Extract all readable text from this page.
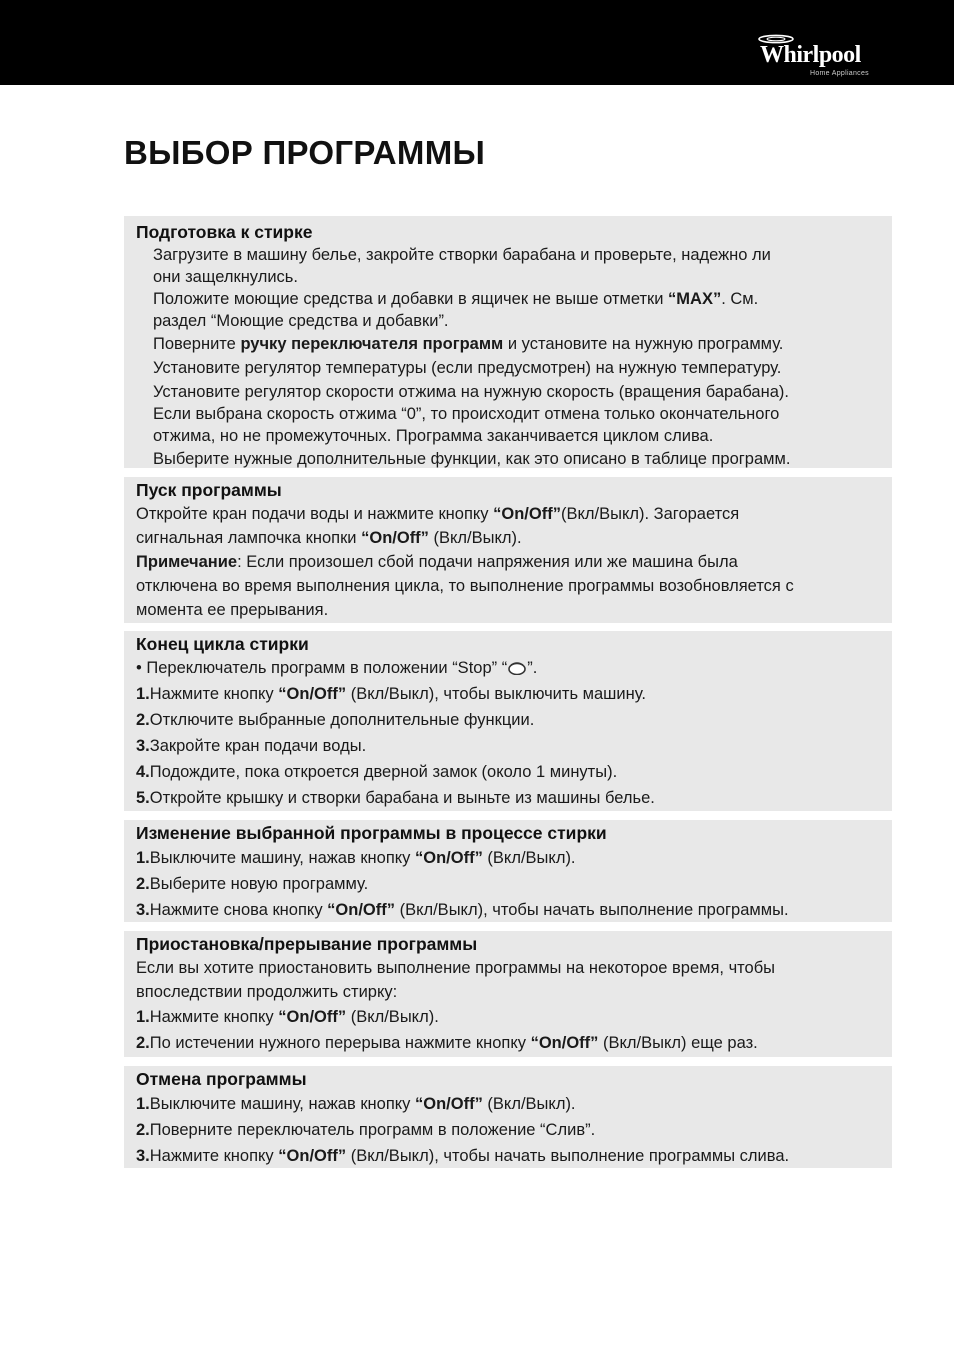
Whirlpool
Home Appliances
ВЫБОР ПРОГРАММЫ
Подготовка к стирке
Загрузите в машину белье, закройте створки барабана и проверьте, надежно ли
они защелкнулись.
Положите моющие средства и добавки в ящичек не выше отметки “MAX”. См.
раздел “Моющие средства и добавки”.
Поверните ручку переключателя программ и установите на нужную программу.
Установите регулятор температуры (если предусмотрен) на нужную температуру.
Установите регулятор скорости отжима на нужную скорость (вращения барабана).
Если выбрана скорость отжима “0”, то происходит отмена только окончательного
отжима, но не промежуточных. Программа заканчивается циклом слива.
Выберите нужные дополнительные функции, как это описано в таблице программ.
Пуск программы
Откройте кран подачи воды и нажмите кнопку “On/Off”(Вкл/Выкл). Загорается
сигнальная лампочка кнопки “On/Off” (Вкл/Выкл).
Примечание: Если произошел сбой подачи напряжения или же машина была
отключена во время выполнения цикла, то выполнение программы возобновляется с
момента ее прерывания.
Конец цикла стирки
• Переключатель программ в положении “Stop” “ ”.
1.Нажмите кнопку “On/Off” (Вкл/Выкл), чтобы выключить машину.
2.Отключите выбранные дополнительные функции.
3.Закройте кран подачи воды.
4.Подождите, пока откроется дверной замок (около 1 минуты).
5.Откройте крышку и створки барабана и выньте из машины белье.
Изменение выбранной программы в процессе стирки
1.Выключите машину, нажав кнопку “On/Off” (Вкл/Выкл).
2.Выберите новую программу.
3.Нажмите снова кнопку “On/Off” (Вкл/Выкл), чтобы начать выполнение программы.
Приостановка/прерывание программы
Если вы хотите приостановить выполнение программы на некоторое время, чтобы
впоследствии продолжить стирку:
1.Нажмите кнопку “On/Off” (Вкл/Выкл).
2.По истечении нужного перерыва нажмите кнопку “On/Off” (Вкл/Выкл) еще раз.
Отмена программы
1.Выключите машину, нажав кнопку “On/Off” (Вкл/Выкл).
2.Поверните переключатель программ в положение “Слив”.
3.Нажмите кнопку “On/Off” (Вкл/Выкл), чтобы начать выполнение программы слива.
